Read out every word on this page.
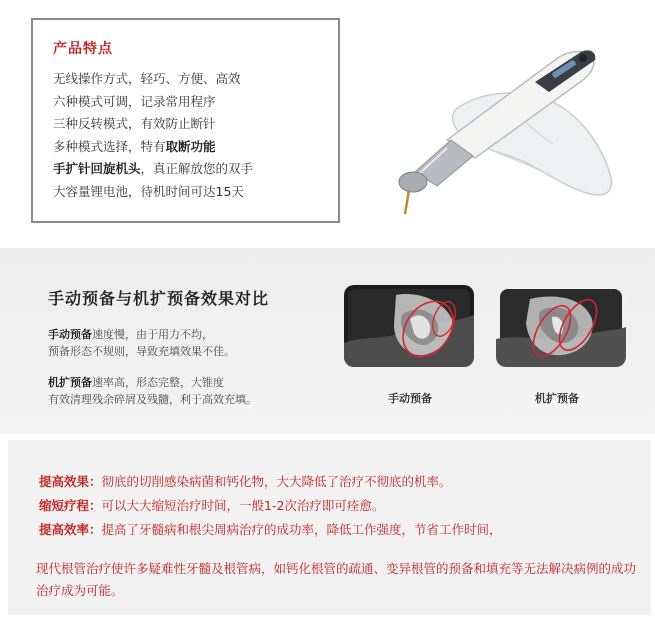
产品特点
无线操作方式，轻巧、方便、高效
六种模式可调，记录常用程序
三种反转模式，有效防止断针
多种模式选择，特有取断功能
手扩针回旋机头，真正解放您的双手
大容量锂电池，待机时间可达15天
手动预备与机扩预备效果对比

手动预备速度慢，由于用力不均，

预备形态不规则，导致充填效果不佳。

机扩预备速率高，形态完整，大锥度

有效清理残余碎屑及残髓，利于高效充填。	手动预备	机扩预备
提高效果：彻底的切削感染病菌和钙化物，大大降低了治疗不彻底的机率。
缩短疗程：可以大大缩短治疗时间，一般1-2次治疗即可痊愈。
提高效率：提高了牙髓病和根尖周病治疗的成功率，降低工作强度，节省工作时间，

现代根管治疗使许多疑难性牙髓及根管病，如钙化根管的疏通、变异根管的预备和填充等无法解决病例的成功治疗成为可能。
